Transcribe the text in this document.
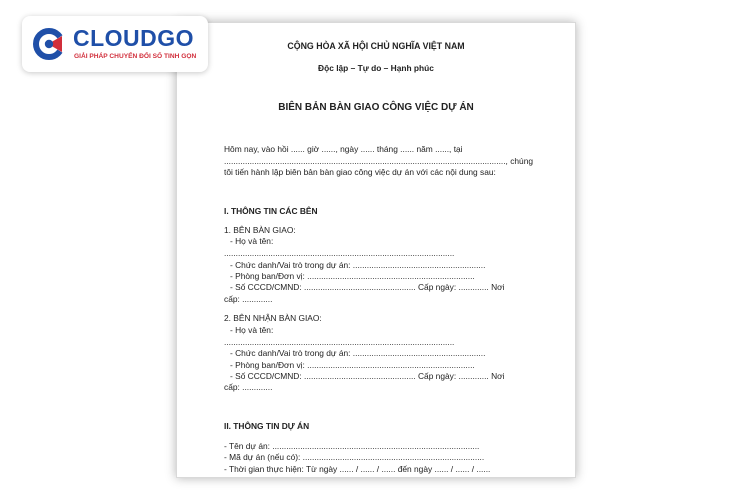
CLOUDGO
GIẢI PHÁP CHUYỂN ĐỔI SỐ TINH GỌN
CỘNG HÒA XÃ HỘI CHỦ NGHĨA VIỆT NAM
Độc lập – Tự do – Hạnh phúc
BIÊN BẢN BÀN GIAO CÔNG VIỆC DỰ ÁN
Hôm nay, vào hồi ...... giờ ......, ngày ...... tháng ...... năm ......, tại
........................................................................................................................., chúng
tôi tiến hành lập biên bản bàn giao công việc dự án với các nội dung sau:
I. THÔNG TIN CÁC BÊN
1. BÊN BÀN GIAO:
- Họ và tên:
...................................................................................................
- Chức danh/Vai trò trong dự án: .........................................................
- Phòng ban/Đơn vị: ........................................................................
- Số CCCD/CMND: ................................................ Cấp ngày: ............. Nơi
cấp: .............
2. BÊN NHẬN BÀN GIAO:
- Họ và tên:
...................................................................................................
- Chức danh/Vai trò trong dự án: .........................................................
- Phòng ban/Đơn vị: ........................................................................
- Số CCCD/CMND: ................................................ Cấp ngày: ............. Nơi
cấp: .............
II. THÔNG TIN DỰ ÁN
- Tên dự án: .........................................................................................
- Mã dự án (nếu có): ..............................................................................
- Thời gian thực hiện: Từ ngày ...... / ...... / ...... đến ngày ...... / ...... / ......
